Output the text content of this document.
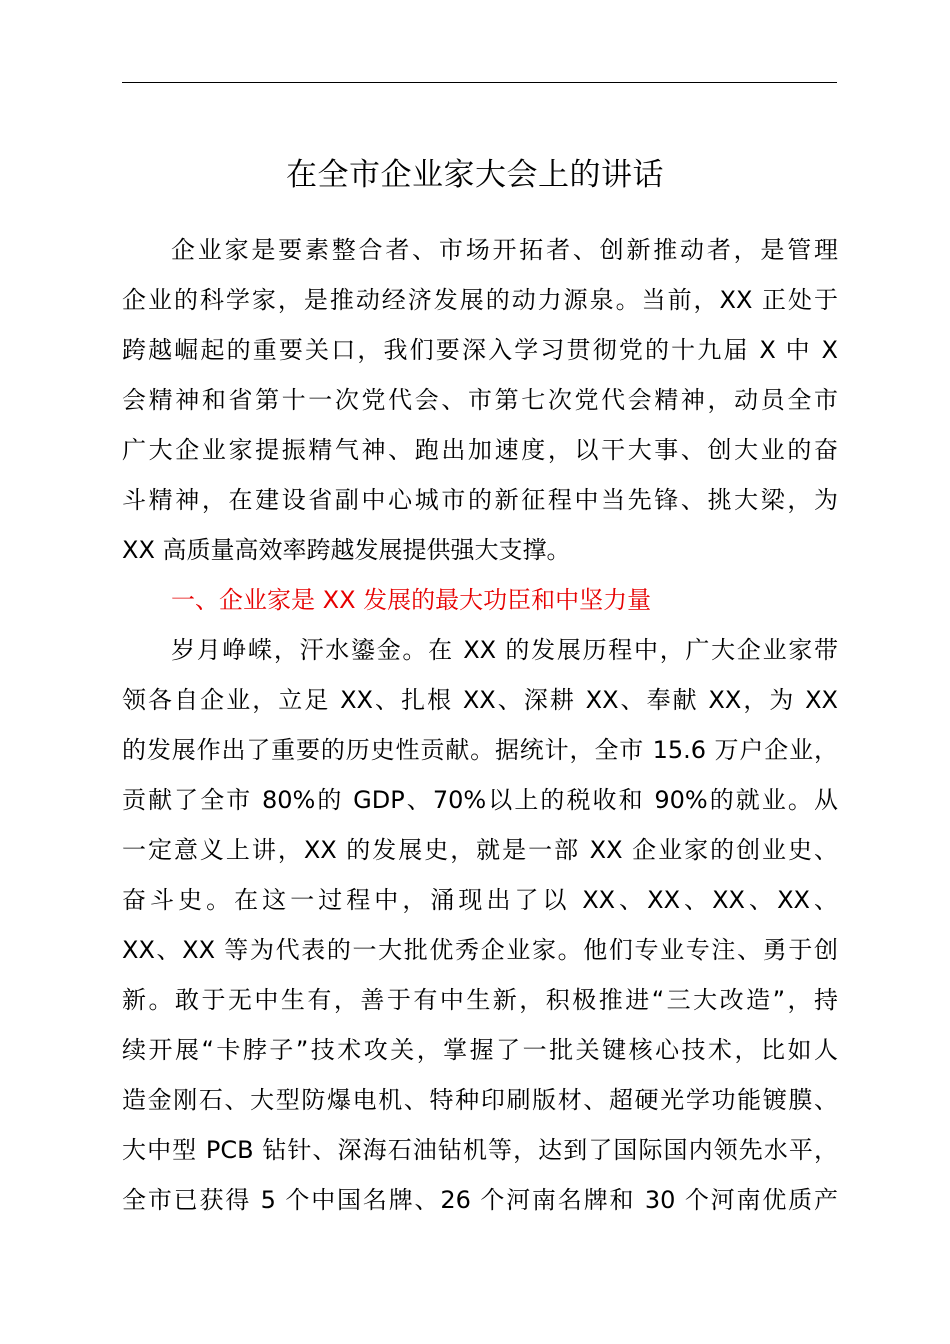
在全市企业家大会上的讲话
企业家是要素整合者、市场开拓者、创新推动者，是管理
企业的科学家，是推动经济发展的动力源泉。当前，XX 正处于
跨越崛起的重要关口，我们要深入学习贯彻党的十九届 X 中 X
会精神和省第十一次党代会、市第七次党代会精神，动员全市
广大企业家提振精气神、跑出加速度，以干大事、创大业的奋
斗精神，在建设省副中心城市的新征程中当先锋、挑大梁，为
XX 高质量高效率跨越发展提供强大支撑。
一、企业家是 XX 发展的最大功臣和中坚力量
岁月峥嵘，汗水鎏金。在 XX 的发展历程中，广大企业家带
领各自企业，立足 XX、扎根 XX、深耕 XX、奉献 XX，为 XX
的发展作出了重要的历史性贡献。据统计，全市 15.6 万户企业，
贡献了全市 80%的 GDP、70%以上的税收和 90%的就业。从
一定意义上讲，XX 的发展史，就是一部 XX 企业家的创业史、
奋斗史。在这一过程中，涌现出了以 XX、XX、XX、XX、
XX、XX 等为代表的一大批优秀企业家。他们专业专注、勇于创
新。敢于无中生有，善于有中生新，积极推进“三大改造”，持
续开展“卡脖子”技术攻关，掌握了一批关键核心技术，比如人
造金刚石、大型防爆电机、特种印刷版材、超硬光学功能镀膜、
大中型 PCB 钻针、深海石油钻机等，达到了国际国内领先水平，
全市已获得 5 个中国名牌、26 个河南名牌和 30 个河南优质产
